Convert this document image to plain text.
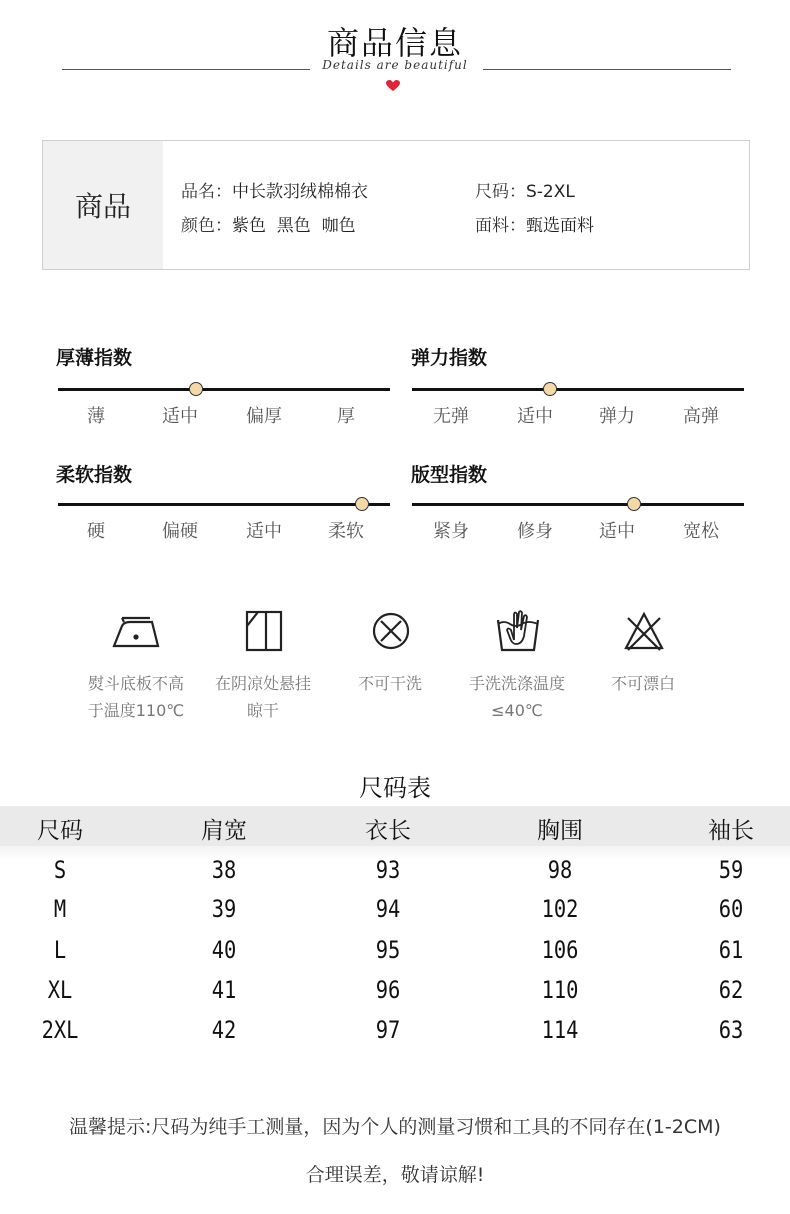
商品信息
Details are beautiful
商品	品名：中长款羽绒棉棉衣	尺码：S-2XL
颜色：紫色  黑色  咖色	面料：甄选面料
厚薄指数
薄	适中	偏厚	厚
弹力指数
无弹	适中	弹力	高弹
柔软指数
硬	偏硬	适中	柔软
版型指数
紧身	修身	适中	宽松
熨斗底板不高
于温度110℃
在阴凉处悬挂
晾干
不可干洗	手洗洗涤温度
≤40℃
不可漂白
尺码表
尺码	肩宽	衣长	胸围	袖长
S	38	93	98	59
M	39	94	102	60
L	40	95	106	61
XL	41	96	110	62
2XL	42	97	114	63
温馨提示:尺码为纯手工测量，因为个人的测量习惯和工具的不同存在(1-2CM)
合理误差，敬请谅解!
